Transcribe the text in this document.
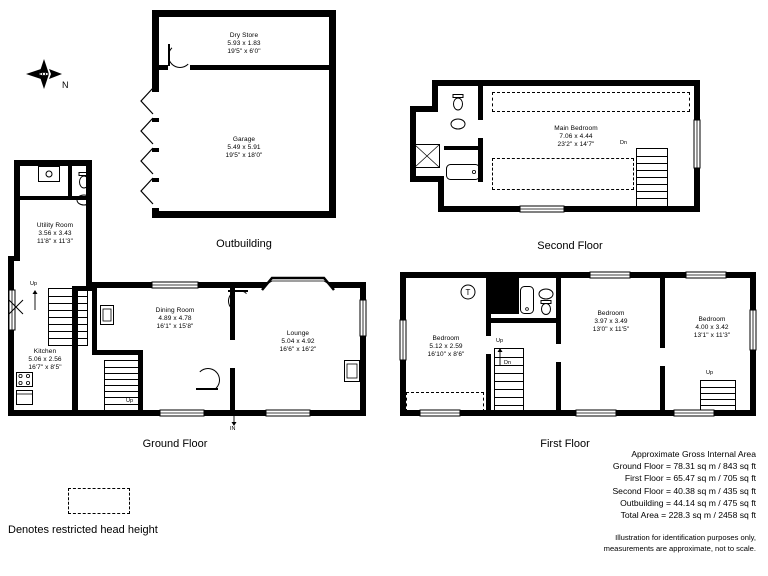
N
Dry Store
5.93 x 1.83
19'5" x 6'0"
Garage
5.49 x 5.91
19'5" x 18'0"
Outbuilding
Utility Room
3.56 x 3.43
11'8" x 11'3"
Kitchen
5.06 x 2.56
16'7" x 8'5"
Up
Up
IN
Dining Room
4.89 x 4.78
16'1" x 15'8"
Lounge
5.04 x 4.92
16'6" x 16'2"
Ground Floor
Dn
Main Bedroom
7.06 x 4.44
23'2" x 14'7"
Second Floor
T
Up
Dn
Up
Bedroom
5.12 x 2.59
16'10" x 8'6"
Bedroom
3.97 x 3.49
13'0" x 11'5"
Bedroom
4.00 x 3.42
13'1" x 11'3"
First Floor
Denotes restricted head height
Approximate Gross Internal Area
Ground Floor = 78.31 sq m / 843 sq ft
First Floor = 65.47 sq m / 705 sq ft
Second Floor = 40.38 sq m / 435 sq ft
Outbuilding = 44.14 sq m / 475 sq ft
Total Area = 228.3 sq m / 2458 sq ft
Illustration for identification purposes only,
measurements are approximate, not to scale.
